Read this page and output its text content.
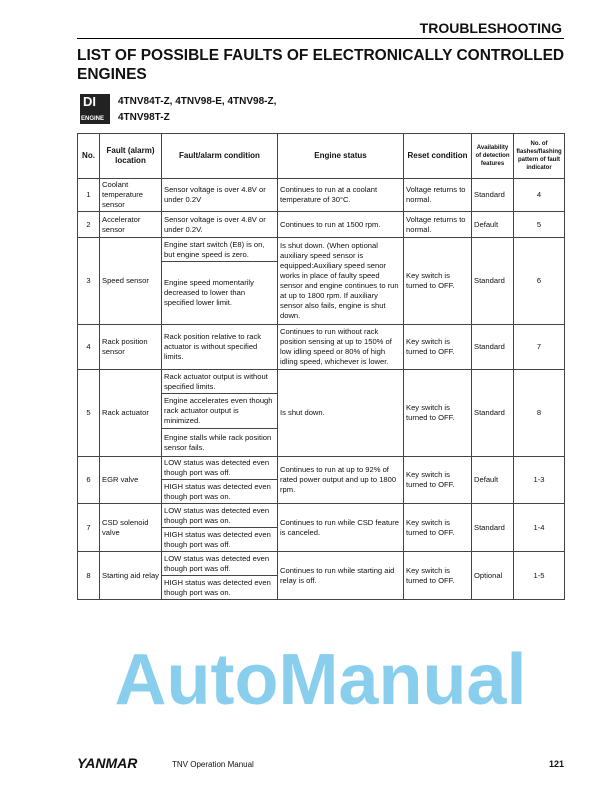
TROUBLESHOOTING
LIST OF POSSIBLE FAULTS OF ELECTRONICALLY CONTROLLED ENGINES
DI
ENGINE
4TNV84T-Z, 4TNV98-E, 4TNV98-Z,
4TNV98T-Z
No.	Fault (alarm) location	Fault/alarm condition	Engine status	Reset condition	Availability of detection features	No. of flashes/flashing pattern of fault indicator
1	Coolant temperature sensor	Sensor voltage is over 4.8V or under 0.2V	Continues to run at a coolant temperature of 30°C.	Voltage returns to normal.	Standard	4
2	Accelerator sensor	Sensor voltage is over 4.8V or under 0.2V.	Continues to run at 1500 rpm.	Voltage returns to normal.	Default	5
3	Speed sensor	Engine start switch (E8) is on, but engine speed is zero.	Is shut down. (When optional auxiliary speed sensor is equipped:Auxiliary speed senor works in place of faulty speed sensor and engine continues to run at up to 1800 rpm. If auxiliary sensor also fails, engine is shut down.	Key switch is turned to OFF.	Standard	6
		Engine speed momentarily decreased to lower than specified lower limit.				
4	Rack position sensor	Rack position relative to rack actuator is without specified limits.	Continues to run without rack position sensing at up to 150% of low idling speed or 80% of high idling speed, whichever is lower.	Key switch is turned to OFF.	Standard	7
5	Rack actuator	Rack actuator output is without specified limits.	Is shut down.	Key switch is turned to OFF.	Standard	8
		Engine accelerates even though rack actuator output is minimized.				
		Engine stalls while rack position sensor fails.				
6	EGR valve	LOW status was detected even though port was off.	Continues to run at up to 92% of rated power output and up to 1800 rpm.	Key switch is turned to OFF.	Default	1-3
		HIGH status was detected even though port was on.				
7	CSD solenoid valve	LOW status was detected even though port was on.	Continues to run while CSD feature is canceled.	Key switch is turned to OFF.	Standard	1-4
		HIGH status was detected even though port was off.				
8	Starting aid relay	LOW status was detected even though port was off.	Continues to run while starting aid relay is off.	Key switch is turned to OFF.	Optional	1-5
		HIGH status was detected even though port was on.				
AutoManual
YANMAR	TNV Operation Manual	121
